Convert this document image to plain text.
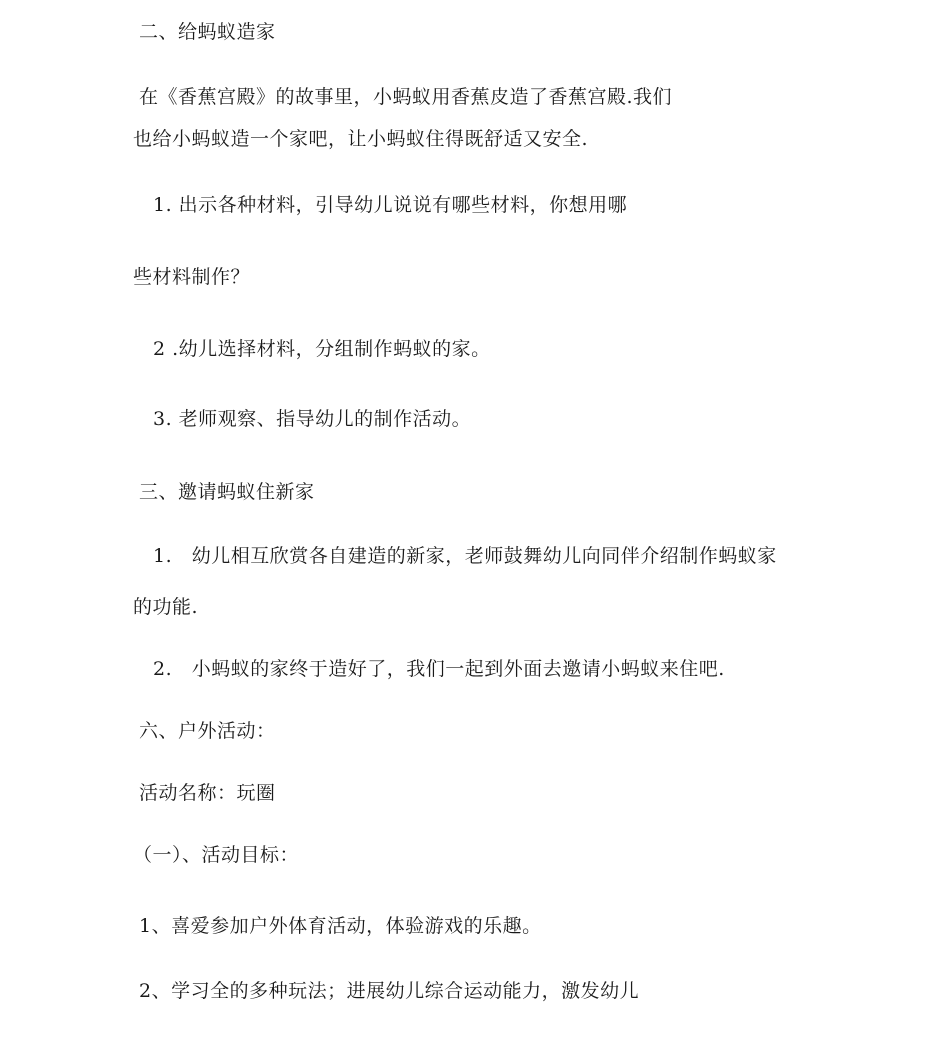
二、给蚂蚁造家
在《香蕉宫殿》的故事里，小蚂蚁用香蕉皮造了香蕉宫殿.我们
也给小蚂蚁造一个家吧，让小蚂蚁住得既舒适又安全.
1. 出示各种材料，引导幼儿说说有哪些材料，你想用哪
些材料制作？
2 .幼儿选择材料，分组制作蚂蚁的家。
3. 老师观察、指导幼儿的制作活动。
三、邀请蚂蚁住新家
1.   幼儿相互欣赏各自建造的新家，老师鼓舞幼儿向同伴介绍制作蚂蚁家
的功能.
2.   小蚂蚁的家终于造好了，我们一起到外面去邀请小蚂蚁来住吧.
六、户外活动：
活动名称：玩圈
（一）、活动目标：
1、喜爱参加户外体育活动，体验游戏的乐趣。
2、学习全的多种玩法；进展幼儿综合运动能力，激发幼儿
